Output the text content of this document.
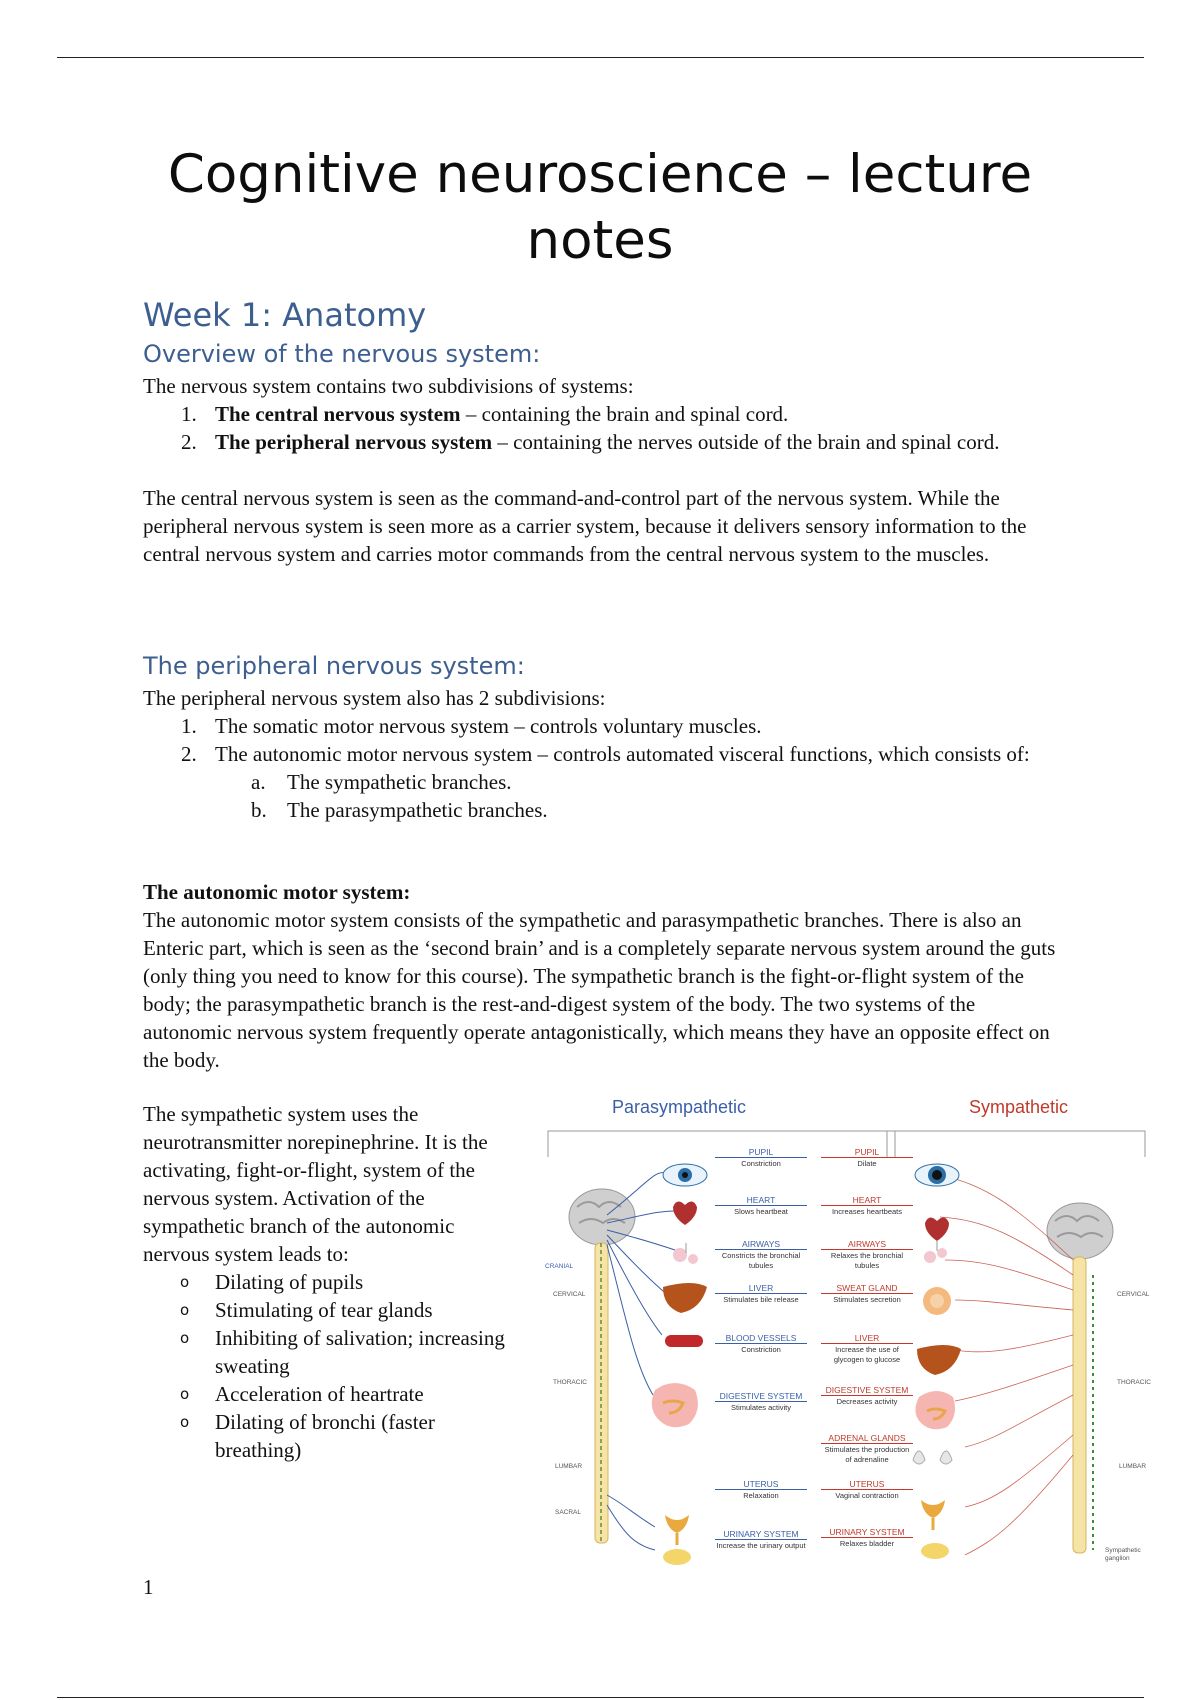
Cognitive neuroscience – lecture notes
Week 1: Anatomy
Overview of the nervous system:

The nervous system contains two subdivisions of systems:

1. The central nervous system – containing the brain and spinal cord.
2. The peripheral nervous system – containing the nerves outside of the brain and spinal cord.

The central nervous system is seen as the command-and-control part of the nervous system. While the peripheral nervous system is seen more as a carrier system, because it delivers sensory information to the central nervous system and carries motor commands from the central nervous system to the muscles.

The peripheral nervous system:

The peripheral nervous system also has 2 subdivisions:

1. The somatic motor nervous system – controls voluntary muscles.
2. The autonomic motor nervous system – controls automated visceral functions, which consists of:
a. The sympathetic branches.
b. The parasympathetic branches.

The autonomic motor system:

The autonomic motor system consists of the sympathetic and parasympathetic branches. There is also an Enteric part, which is seen as the ‘second brain’ and is a completely separate nervous system around the guts (only thing you need to know for this course). The sympathetic branch is the fight-or-flight system of the body; the parasympathetic branch is the rest-and-digest system of the body. The two systems of the autonomic nervous system frequently operate antagonistically, which means they have an opposite effect on the body.

The sympathetic system uses the neurotransmitter norepinephrine. It is the activating, fight-or-flight, system of the nervous system. Activation of the sympathetic branch of the autonomic nervous system leads to:

o Dilating of pupils
o Stimulating of tear glands
o Inhibiting of salivation; increasing sweating
o Acceleration of heartrate
o Dilating of bronchi (faster breathing)
Parasympathetic	Sympathetic
CRANIAL
CERVICAL
THORACIC
LUMBAR
SACRAL
CERVICAL
THORACIC
LUMBAR
Sympathetic ganglion
PUPIL
Constriction
HEART
Slows heartbeat
AIRWAYS
Constricts the bronchial tubules
LIVER
Stimulates bile release
BLOOD VESSELS
Constriction
DIGESTIVE SYSTEM
Stimulates activity
UTERUS
Relaxation
URINARY SYSTEM
Increase the urinary output
PUPIL
Dilate
HEART
Increases heartbeats
AIRWAYS
Relaxes the bronchial tubules
SWEAT GLAND
Stimulates secretion
LIVER
Increase the use of glycogen to glucose
DIGESTIVE SYSTEM
Decreases activity
ADRENAL GLANDS
Stimulates the production of adrenaline
UTERUS
Vaginal contraction
URINARY SYSTEM
Relaxes bladder
1
